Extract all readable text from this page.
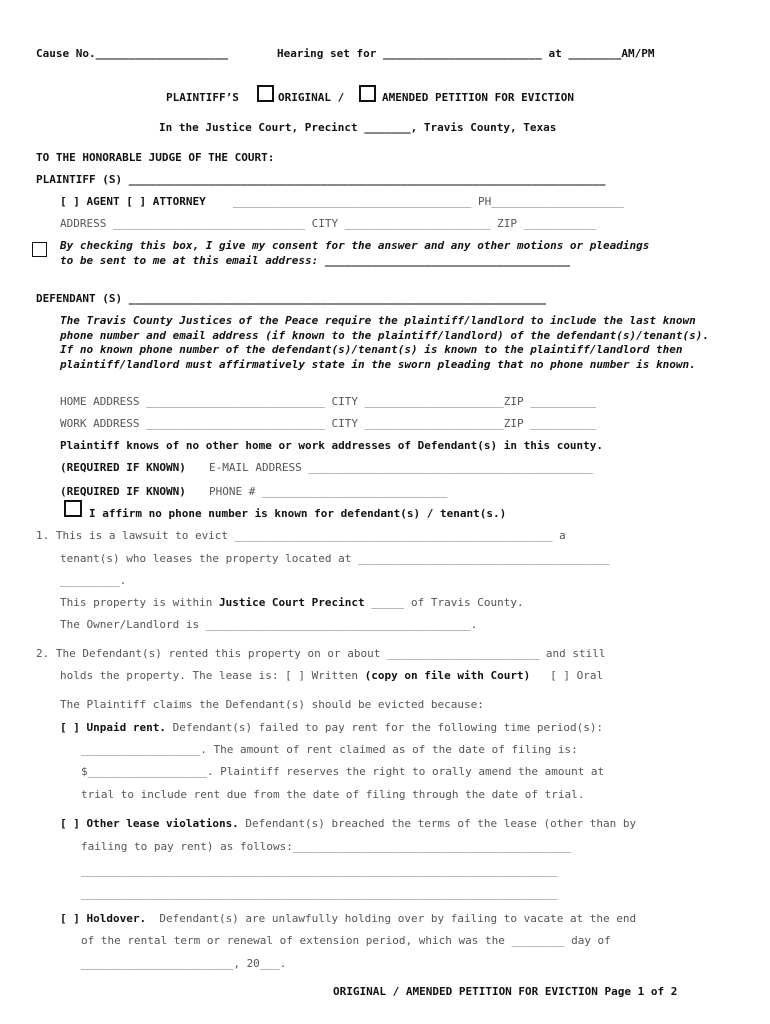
Cause No.____________________	Hearing set for ________________________ at ________AM/PM
PLAINTIFF’S	ORIGINAL /	AMENDED PETITION FOR EVICTION
In the Justice Court, Precinct _______, Travis County, Texas
TO THE HONORABLE JUDGE OF THE COURT:
PLAINTIFF (S) ________________________________________________________________________
[ ] AGENT [ ] ATTORNEY ____________________________________ PH____________________
ADDRESS _____________________________ CITY ______________________ ZIP ___________
By checking this box, I give my consent for the answer and any other motions or pleadings
to be sent to me at this email address: _____________________________________
DEFENDANT (S) _______________________________________________________________
The Travis County Justices of the Peace require the plaintiff/landlord to include the last known phone number and email address (if known to the plaintiff/landlord) of the defendant(s)/tenant(s). If no known phone number of the defendant(s)/tenant(s) is known to the plaintiff/landlord then plaintiff/landlord must affirmatively state in the sworn pleading that no phone number is known.
HOME ADDRESS ___________________________ CITY _____________________ZIP __________
WORK ADDRESS ___________________________ CITY _____________________ZIP __________
Plaintiff knows of no other home or work addresses of Defendant(s) in this county.
(REQUIRED IF KNOWN) E-MAIL ADDRESS ___________________________________________
(REQUIRED IF KNOWN) PHONE # ____________________________
I affirm no phone number is known for defendant(s) / tenant(s.)
1. This is a lawsuit to evict ________________________________________________ a
tenant(s) who leases the property located at ______________________________________
_________.
This property is within Justice Court Precinct _____ of Travis County.
The Owner/Landlord is ________________________________________.
2. The Defendant(s) rented this property on or about _______________________ and still
holds the property. The lease is: [ ] Written (copy on file with Court)   [ ] Oral
The Plaintiff claims the Defendant(s) should be evicted because:
[ ] Unpaid rent. Defendant(s) failed to pay rent for the following time period(s):
__________________. The amount of rent claimed as of the date of filing is:
$__________________. Plaintiff reserves the right to orally amend the amount at
trial to include rent due from the date of filing through the date of trial.
[ ] Other lease violations. Defendant(s) breached the terms of the lease (other than by
failing to pay rent) as follows:__________________________________________
________________________________________________________________________
________________________________________________________________________
[ ] Holdover.  Defendant(s) are unlawfully holding over by failing to vacate at the end
of the rental term or renewal of extension period, which was the ________ day of
_______________________, 20___.
ORIGINAL / AMENDED PETITION FOR EVICTION Page 1 of 2
